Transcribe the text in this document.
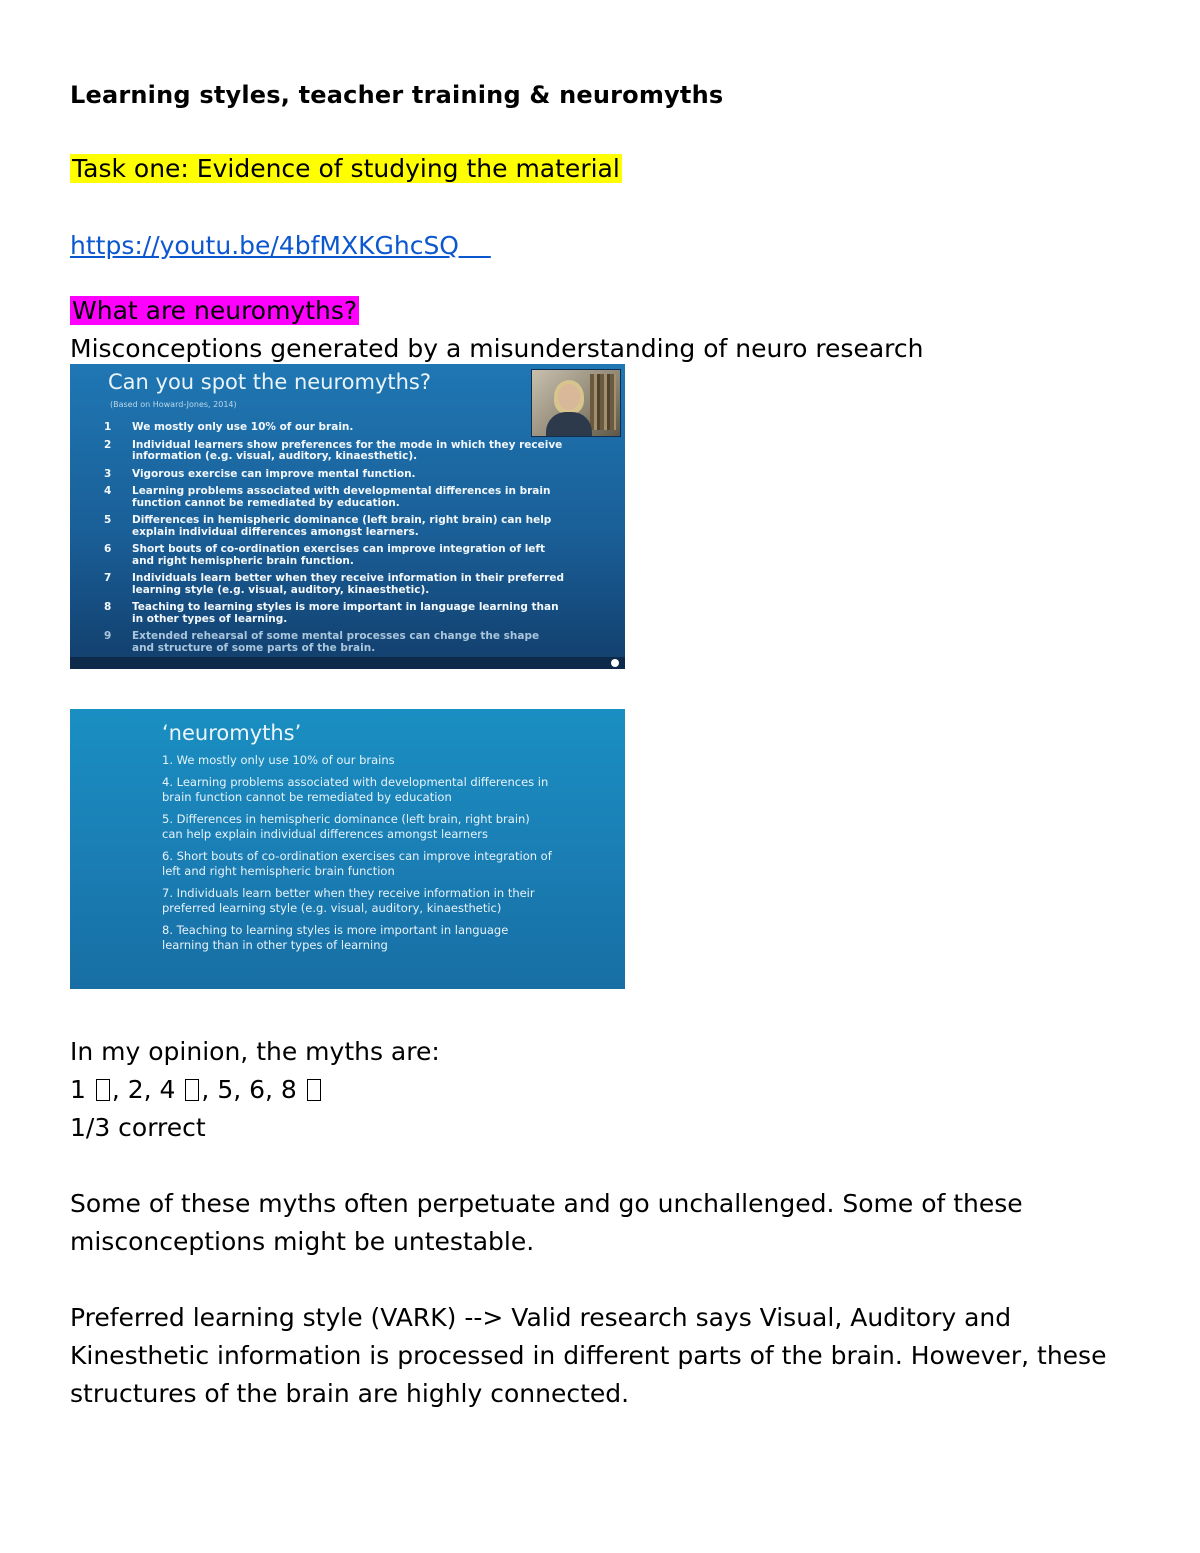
Learning styles, teacher training & neuromyths
Task one: Evidence of studying the material
https://youtu.be/4bfMXKGhcSQ
What are neuromyths?
Misconceptions generated by a misunderstanding of neuro research
Can you spot the neuromyths?
(Based on Howard-Jones, 2014)
1	We mostly only use 10% of our brain.
2	Individual learners show preferences for the mode in which they receive information (e.g. visual, auditory, kinaesthetic).
3	Vigorous exercise can improve mental function.
4	Learning problems associated with developmental differences in brain function cannot be remediated by education.
5	Differences in hemispheric dominance (left brain, right brain) can help explain individual differences amongst learners.
6	Short bouts of co-ordination exercises can improve integration of left and right hemispheric brain function.
7	Individuals learn better when they receive information in their preferred learning style (e.g. visual, auditory, kinaesthetic).
8	Teaching to learning styles is more important in language learning than in other types of learning.
9	Extended rehearsal of some mental processes can change the shape and structure of some parts of the brain.
‘neuromyths’
1. We mostly only use 10% of our brains
4. Learning problems associated with developmental differences in brain function cannot be remediated by education
5. Differences in hemispheric dominance (left brain, right brain) can help explain individual differences amongst learners
6. Short bouts of co-ordination exercises can improve integration of left and right hemispheric brain function
7. Individuals learn better when they receive information in their preferred learning style (e.g. visual, auditory, kinaesthetic)
8. Teaching to learning styles is more important in language learning than in other types of learning
In my opinion, the myths are:
1 , 2, 4 , 5, 6, 8
1/3 correct
Some of these myths often perpetuate and go unchallenged. Some of these misconceptions might be untestable.
Preferred learning style (VARK) --> Valid research says Visual, Auditory and Kinesthetic information is processed in different parts of the brain. However, these structures of the brain are highly connected.
